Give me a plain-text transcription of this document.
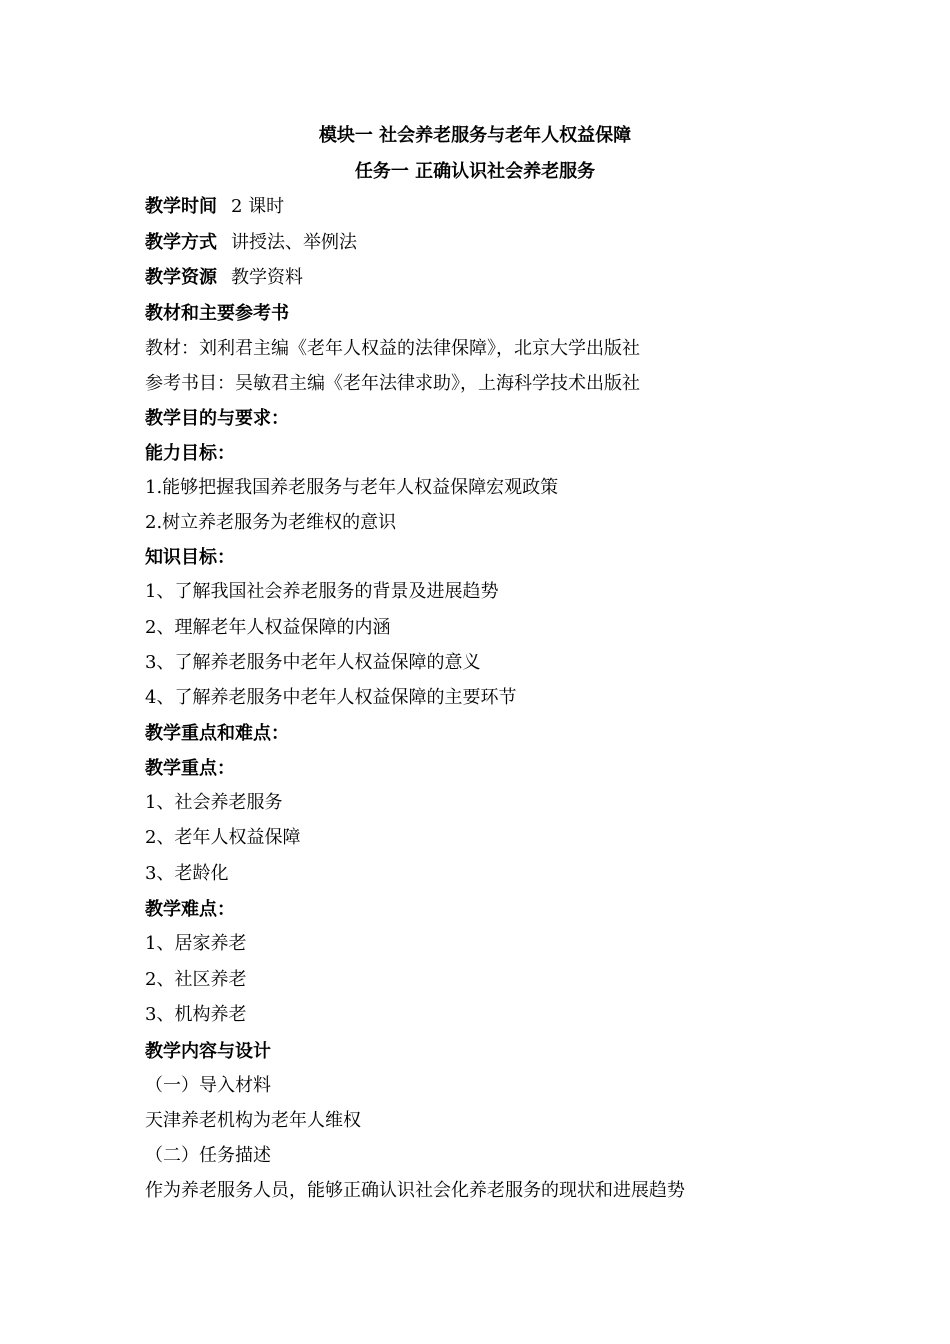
模块一 社会养老服务与老年人权益保障
任务一 正确认识社会养老服务
教学时间 2 课时
教学方式 讲授法、举例法
教学资源 教学资料
教材和主要参考书
教材：刘利君主编《老年人权益的法律保障》，北京大学出版社
参考书目：吴敏君主编《老年法律求助》，上海科学技术出版社
教学目的与要求：
能力目标：
1.能够把握我国养老服务与老年人权益保障宏观政策
2.树立养老服务为老维权的意识
知识目标：
1、了解我国社会养老服务的背景及进展趋势
2、理解老年人权益保障的内涵
3、了解养老服务中老年人权益保障的意义
4、了解养老服务中老年人权益保障的主要环节
教学重点和难点：
教学重点：
1、社会养老服务
2、老年人权益保障
3、老龄化
教学难点：
1、居家养老
2、社区养老
3、机构养老
教学内容与设计
（一）导入材料
天津养老机构为老年人维权
（二）任务描述
作为养老服务人员，能够正确认识社会化养老服务的现状和进展趋势
